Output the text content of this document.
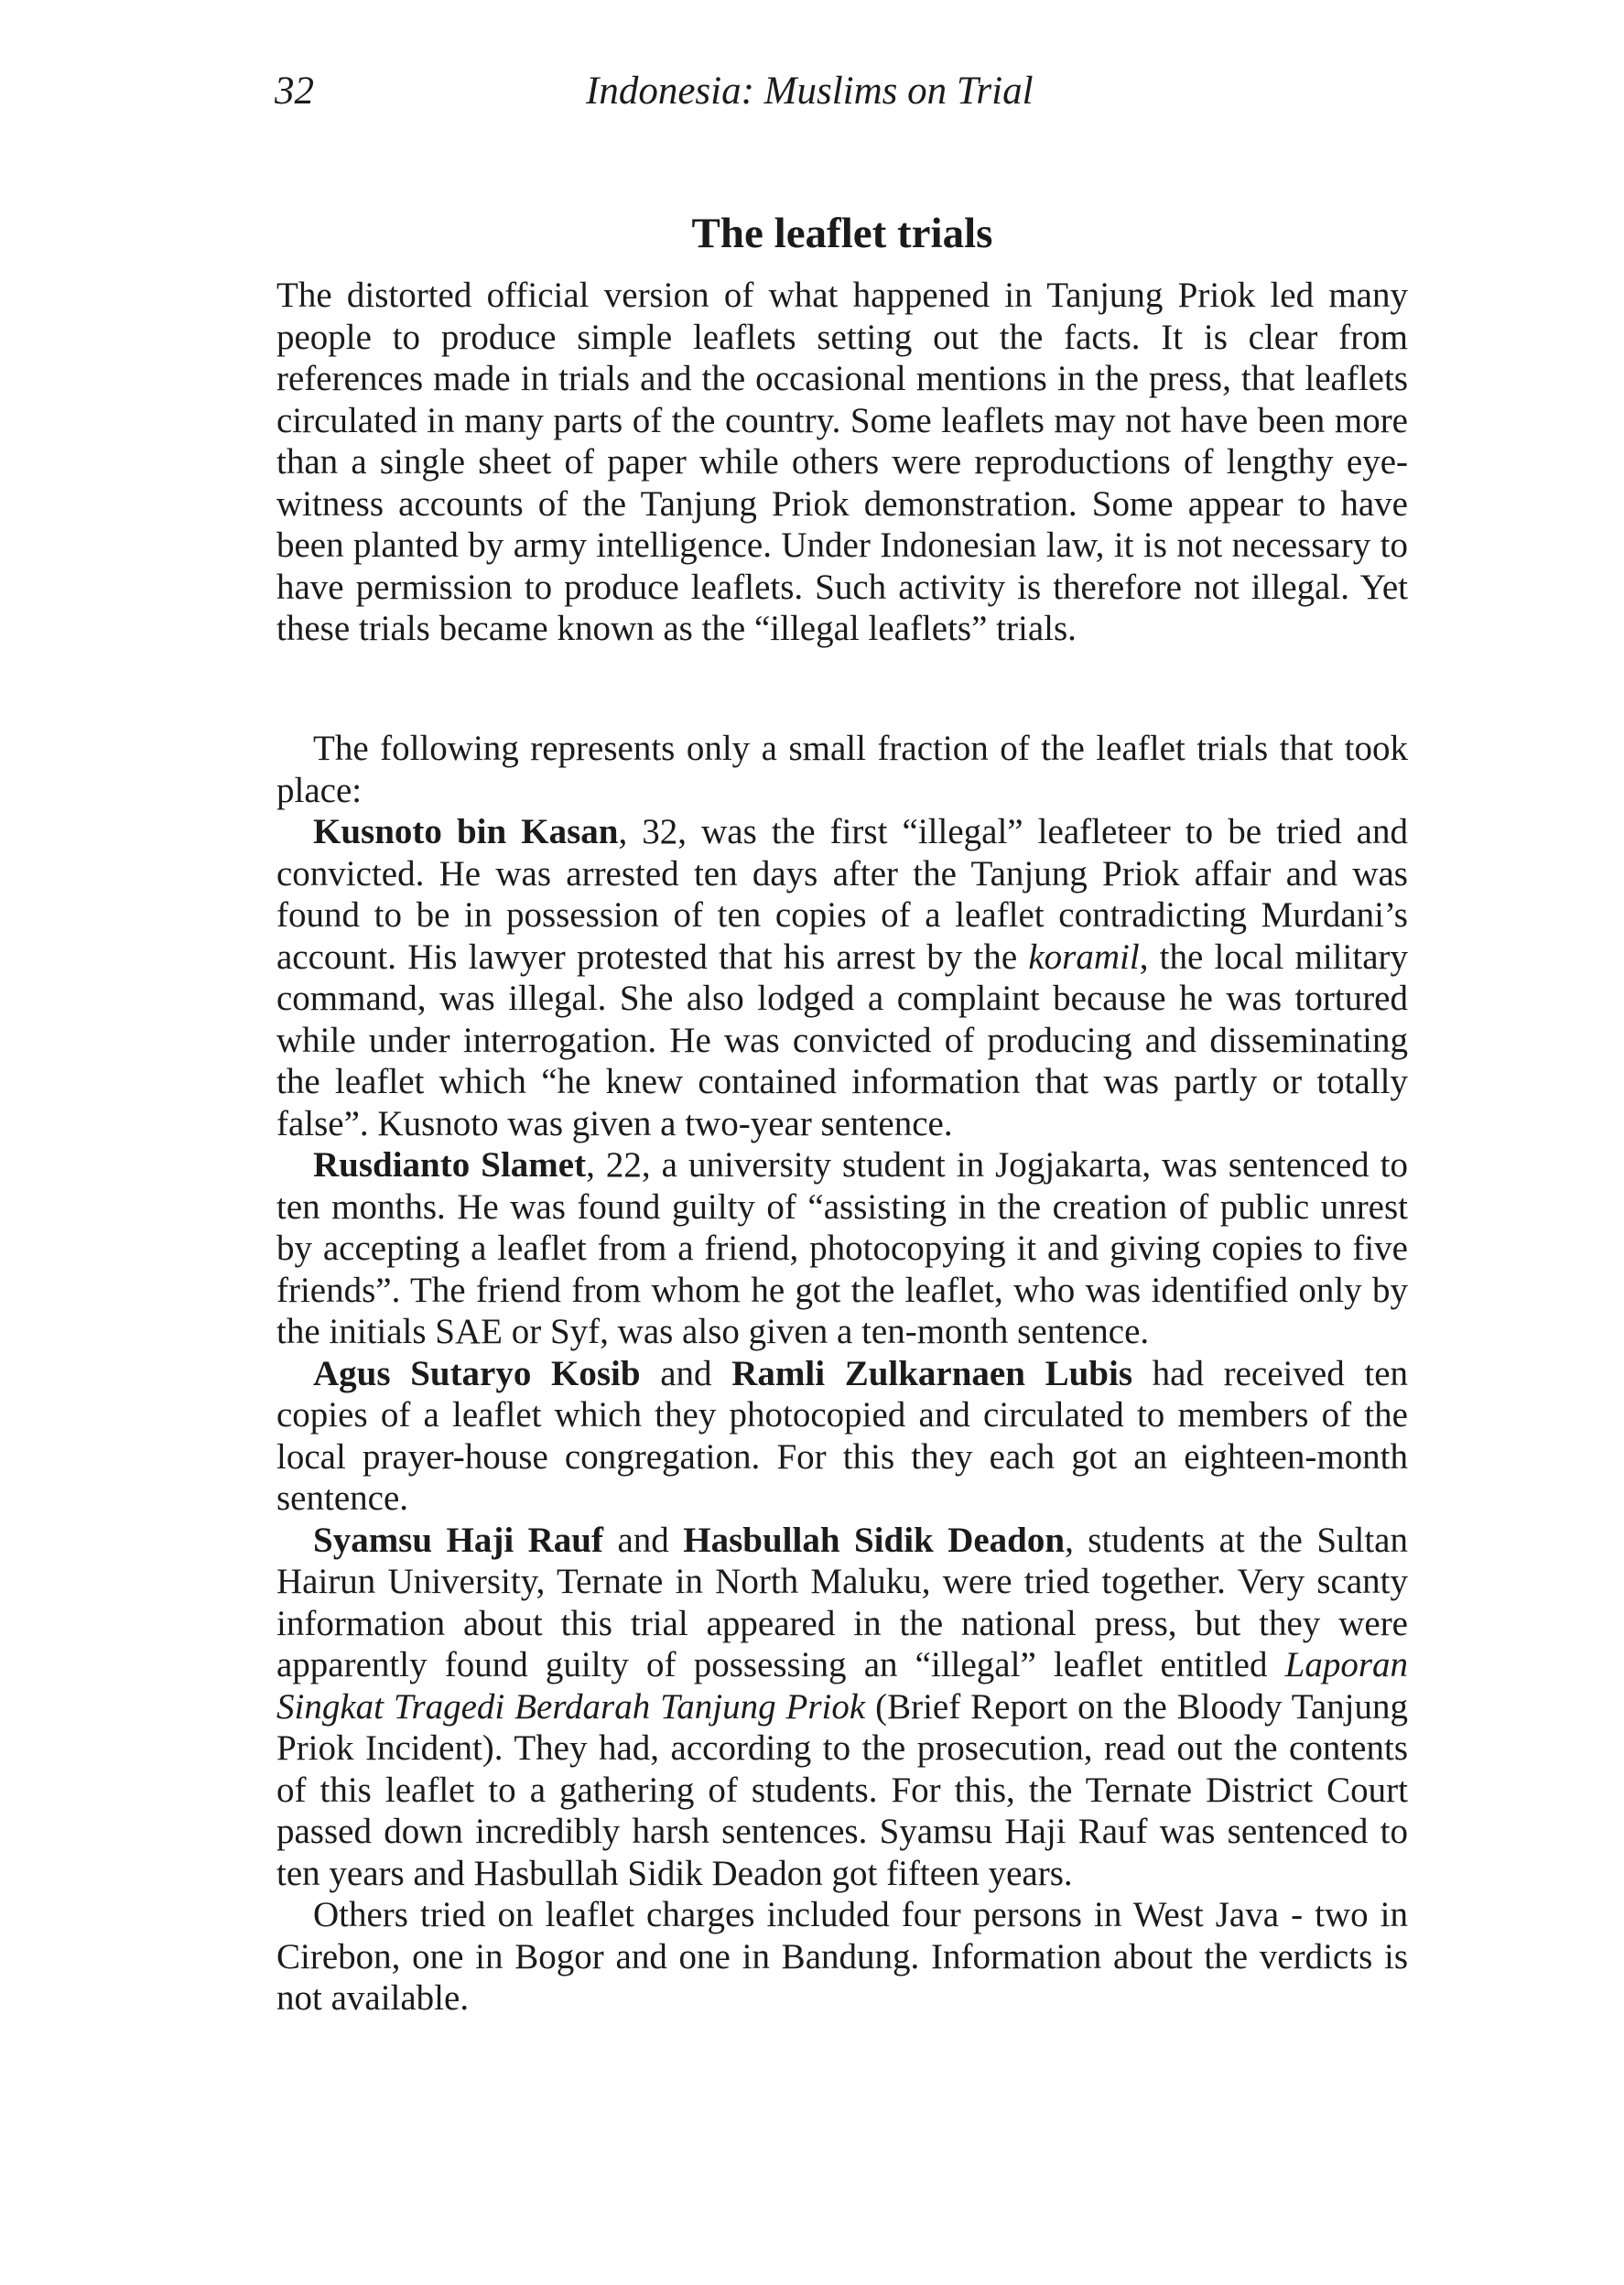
32	Indonesia: Muslims on Trial
The leaflet trials

The distorted official version of what happened in Tanjung Priok led many people to produce simple leaflets setting out the facts. It is clear from references made in trials and the occasional mentions in the press, that leaflets circulated in many parts of the country. Some leaflets may not have been more than a single sheet of paper while others were reproductions of lengthy eye-witness accounts of the Tanjung Priok demonstration. Some appear to have been planted by army intelligence. Under Indonesian law, it is not necessary to have permission to produce leaflets. Such activity is therefore not illegal. Yet these trials became known as the “illegal leaflets” trials.

The following represents only a small fraction of the leaflet trials that took place:

Kusnoto bin Kasan, 32, was the first “illegal” leafleteer to be tried and convicted. He was arrested ten days after the Tanjung Priok affair and was found to be in possession of ten copies of a leaflet contradicting Murdani’s account. His lawyer protested that his arrest by the koramil, the local military command, was illegal. She also lodged a complaint because he was tortured while under interrogation. He was convicted of producing and disseminating the leaflet which “he knew contained information that was partly or totally false”. Kusnoto was given a two-year sentence.

Rusdianto Slamet, 22, a university student in Jogjakarta, was sentenced to ten months. He was found guilty of “assisting in the creation of public unrest by accepting a leaflet from a friend, photocopying it and giving copies to five friends”. The friend from whom he got the leaflet, who was identified only by the initials SAE or Syf, was also given a ten-month sentence.

Agus Sutaryo Kosib and Ramli Zulkarnaen Lubis had received ten copies of a leaflet which they photocopied and circulated to members of the local prayer-house congregation. For this they each got an eighteen-month sentence.

Syamsu Haji Rauf and Hasbullah Sidik Deadon, students at the Sultan Hairun University, Ternate in North Maluku, were tried together. Very scanty information about this trial appeared in the national press, but they were apparently found guilty of possessing an “illegal” leaflet entitled Laporan Singkat Tragedi Berdarah Tanjung Priok (Brief Report on the Bloody Tanjung Priok Incident). They had, according to the prosecution, read out the contents of this leaflet to a gathering of students. For this, the Ternate District Court passed down incredibly harsh sentences. Syamsu Haji Rauf was sentenced to ten years and Hasbullah Sidik Deadon got fifteen years.

Others tried on leaflet charges included four persons in West Java - two in Cirebon, one in Bogor and one in Bandung. Information about the verdicts is not available.
